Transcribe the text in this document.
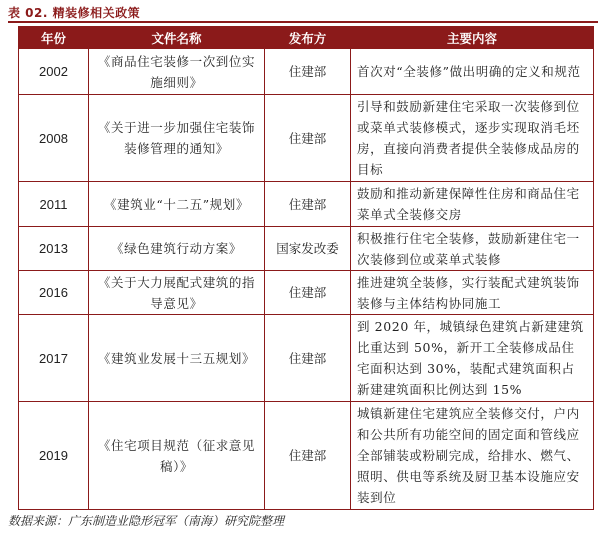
表 02. 精装修相关政策
年份	文件名称	发布方	主要内容
2002	《商品住宅装修一次到位实施细则》	住建部	首次对“全装修”做出明确的定义和规范
2008	《关于进一步加强住宅装饰装修管理的通知》	住建部	引导和鼓励新建住宅采取一次装修到位或菜单式装修模式，逐步实现取消毛坯房，直接向消费者提供全装修成品房的目标
2011	《建筑业“十二五”规划》	住建部	鼓励和推动新建保障性住房和商品住宅菜单式全装修交房
2013	《绿色建筑行动方案》	国家发改委	积极推行住宅全装修，鼓励新建住宅一次装修到位或菜单式装修
2016	《关于大力展配式建筑的指导意见》	住建部	推进建筑全装修，实行装配式建筑装饰装修与主体结构协同施工
2017	《建筑业发展十三五规划》	住建部	到 2020 年，城镇绿色建筑占新建建筑比重达到 50%，新开工全装修成品住宅面积达到 30%，装配式建筑面积占新建建筑面积比例达到 15%
2019	《住宅项目规范（征求意见稿）》	住建部	城镇新建住宅建筑应全装修交付，户内和公共所有功能空间的固定面和管线应全部铺装或粉刷完成，给排水、燃气、照明、供电等系统及厨卫基本设施应安装到位
数据来源：广东制造业隐形冠军（南海）研究院整理
